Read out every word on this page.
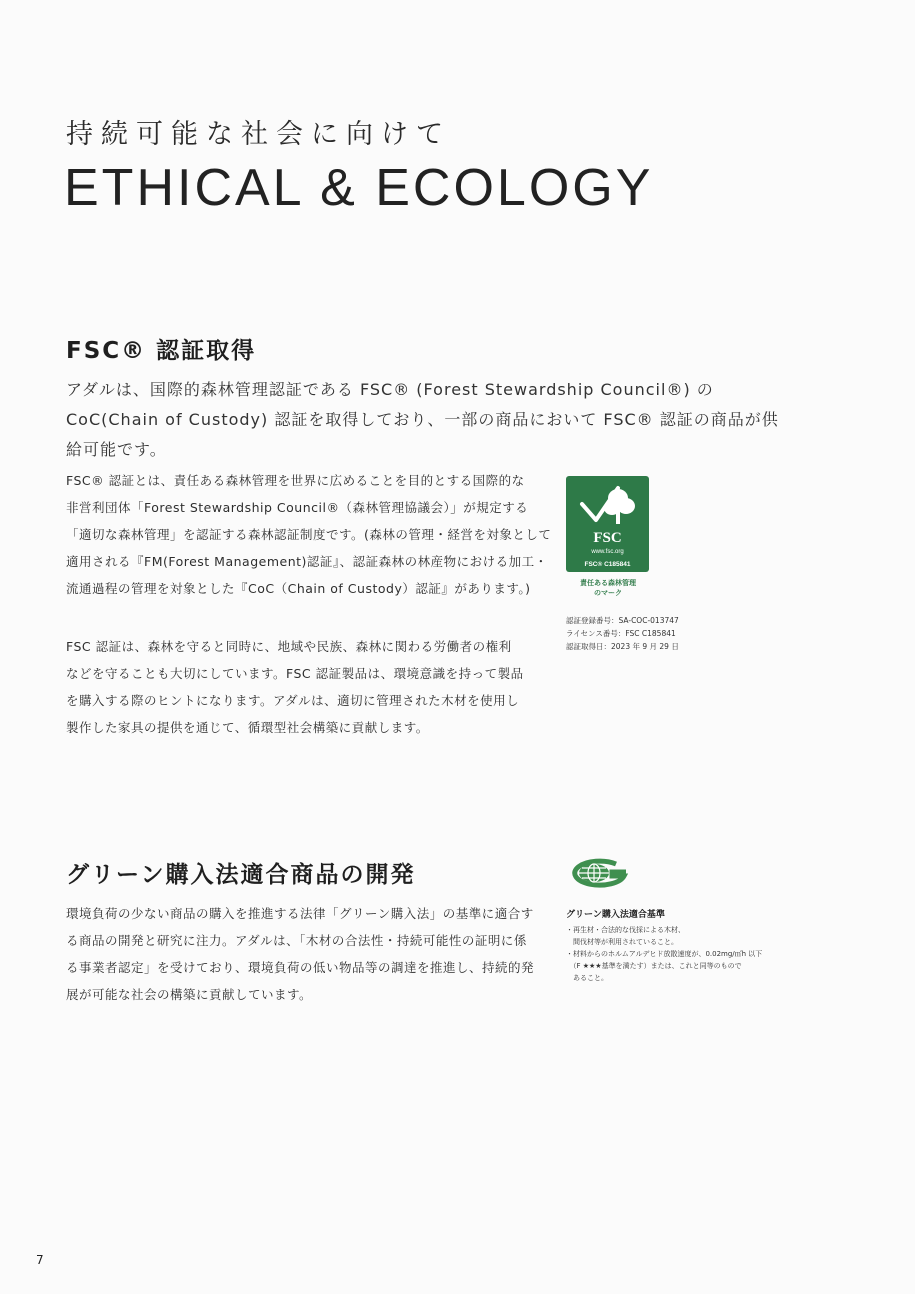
持続可能な社会に向けて
ETHICAL & ECOLOGY
FSC® 認証取得
アダルは、国際的森林管理認証である FSC® (Forest Stewardship Council®) の CoC(Chain of Custody) 認証を取得しており、一部の商品において FSC® 認証の商品が供給可能です。
FSC® 認証とは、責任ある森林管理を世界に広めることを目的とする国際的な
非営利団体「Forest Stewardship Council®（森林管理協議会）」が規定する
「適切な森林管理」を認証する森林認証制度です。(森林の管理・経営を対象として
適用される『FM(Forest Management)認証』、認証森林の林産物における加工・
流通過程の管理を対象とした『CoC（Chain of Custody）認証』があります。)
FSC 認証は、森林を守ると同時に、地域や民族、森林に関わる労働者の権利
などを守ることも大切にしています。FSC 認証製品は、環境意識を持って製品
を購入する際のヒントになります。アダルは、適切に管理された木材を使用し
製作した家具の提供を通じて、循環型社会構築に貢献します。
FSC
www.fsc.org
FSC® C185841
責任ある森林管理
のマーク
認証登録番号：SA-COC-013747
ライセンス番号：FSC C185841
認証取得日：2023 年 9 月 29 日
グリーン購入法適合商品の開発
環境負荷の少ない商品の購入を推進する法律「グリーン購入法」の基準に適合す
る商品の開発と研究に注力。アダルは、「木材の合法性・持続可能性の証明に係
る事業者認定」を受けており、環境負荷の低い物品等の調達を推進し、持続的発
展が可能な社会の構築に貢献しています。
グリーン購入法適合基準
・再生材・合法的な伐採による木材、
　間伐材等が利用されていること。
・材料からのホルムアルデヒド放散速度が、0.02mg/㎡h 以下
　（F ★★★基準を満たす）または、これと同等のもので
　あること。
7
